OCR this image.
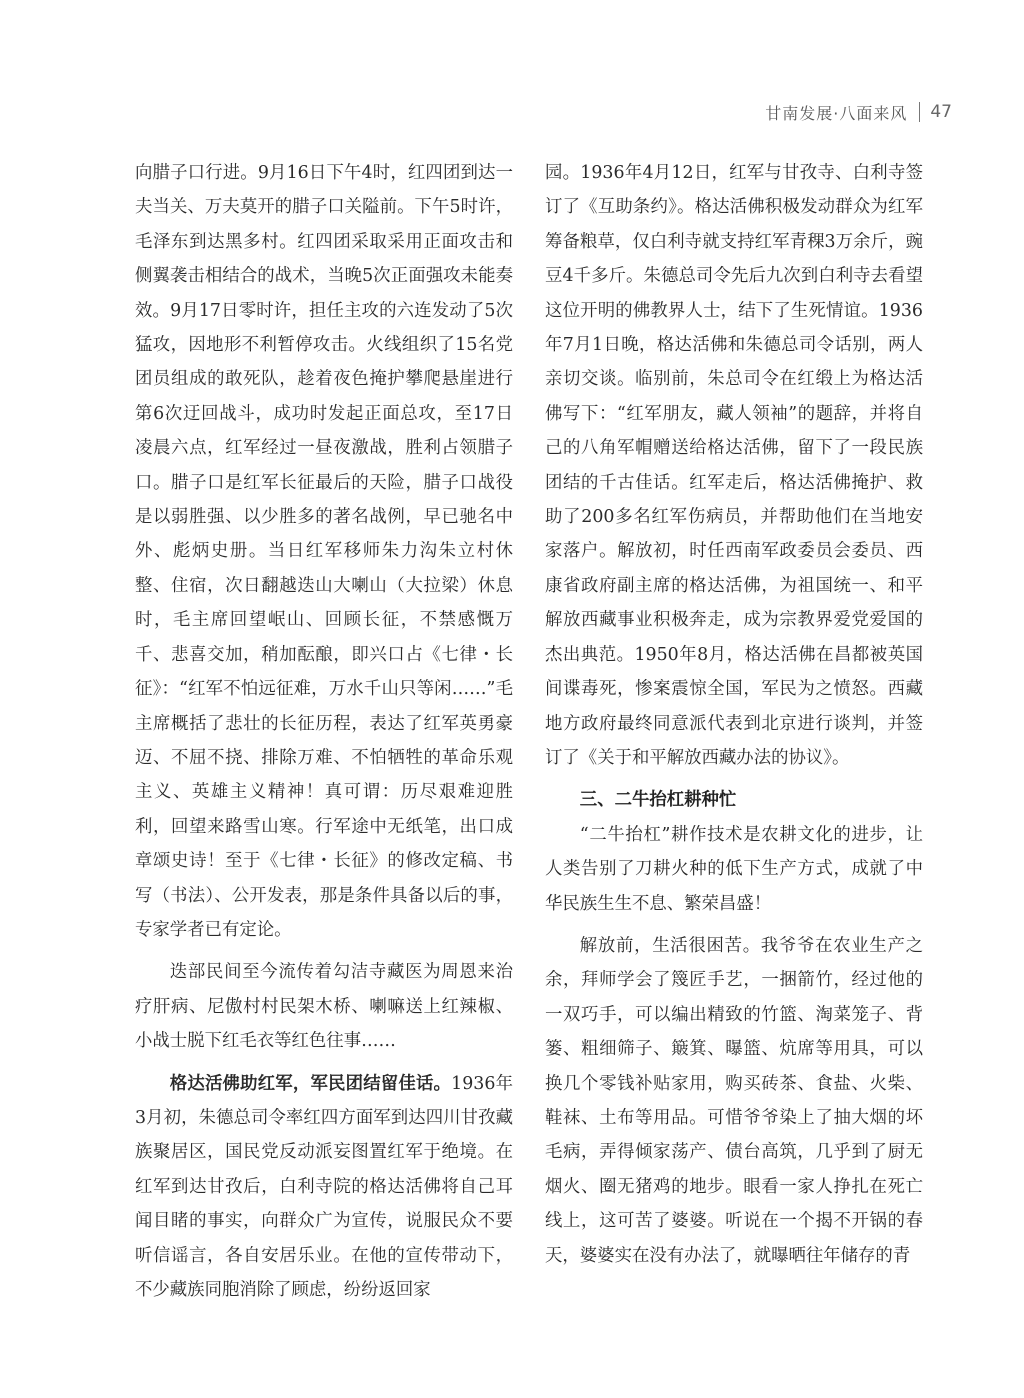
甘南发展·八面来风 47

向腊子口行进。9月16日下午4时，红四团到达一夫当关、万夫莫开的腊子口关隘前。下午5时许，毛泽东到达黑多村。红四团采取采用正面攻击和侧翼袭击相结合的战术，当晚5次正面强攻未能奏效。9月17日零时许，担任主攻的六连发动了5次猛攻，因地形不利暂停攻击。火线组织了15名党团员组成的敢死队，趁着夜色掩护攀爬悬崖进行第6次迂回战斗，成功时发起正面总攻，至17日凌晨六点，红军经过一昼夜激战，胜利占领腊子口。腊子口是红军长征最后的天险，腊子口战役是以弱胜强、以少胜多的著名战例，早已驰名中外、彪炳史册。当日红军移师朱力沟朱立村休整、住宿，次日翻越迭山大喇山（大拉梁）休息时，毛主席回望岷山、回顾长征，不禁感慨万千、悲喜交加，稍加酝酿，即兴口占《七律・长征》：“红军不怕远征难，万水千山只等闲……”毛主席概括了悲壮的长征历程，表达了红军英勇豪迈、不屈不挠、排除万难、不怕牺牲的革命乐观主义、英雄主义精神！真可谓：历尽艰难迎胜利，回望来路雪山寒。行军途中无纸笔，出口成章颂史诗！至于《七律・长征》的修改定稿、书写（书法）、公开发表，那是条件具备以后的事，专家学者已有定论。

迭部民间至今流传着勾洁寺藏医为周恩来治疗肝病、尼傲村村民架木桥、喇嘛送上红辣椒、小战士脱下红毛衣等红色往事……

格达活佛助红军，军民团结留佳话。1936年3月初，朱德总司令率红四方面军到达四川甘孜藏族聚居区，国民党反动派妄图置红军于绝境。在红军到达甘孜后，白利寺院的格达活佛将自己耳闻目睹的事实，向群众广为宣传，说服民众不要听信谣言，各自安居乐业。在他的宣传带动下，不少藏族同胞消除了顾虑，纷纷返回家

园。1936年4月12日，红军与甘孜寺、白利寺签订了《互助条约》。格达活佛积极发动群众为红军筹备粮草，仅白利寺就支持红军青稞3万余斤，豌豆4千多斤。朱德总司令先后九次到白利寺去看望这位开明的佛教界人士，结下了生死情谊。1936年7月1日晚，格达活佛和朱德总司令话别，两人亲切交谈。临别前，朱总司令在红缎上为格达活佛写下：“红军朋友，藏人领袖”的题辞，并将自己的八角军帽赠送给格达活佛，留下了一段民族团结的千古佳话。红军走后，格达活佛掩护、救助了200多名红军伤病员，并帮助他们在当地安家落户。解放初，时任西南军政委员会委员、西康省政府副主席的格达活佛，为祖国统一、和平解放西藏事业积极奔走，成为宗教界爱党爱国的杰出典范。1950年8月，格达活佛在昌都被英国间谍毒死，惨案震惊全国，军民为之愤怒。西藏地方政府最终同意派代表到北京进行谈判，并签订了《关于和平解放西藏办法的协议》。

三、二牛抬杠耕种忙

“二牛抬杠”耕作技术是农耕文化的进步，让人类告别了刀耕火种的低下生产方式，成就了中华民族生生不息、繁荣昌盛！

解放前，生活很困苦。我爷爷在农业生产之余，拜师学会了篾匠手艺，一捆箭竹，经过他的一双巧手，可以编出精致的竹篮、淘菜笼子、背篓、粗细筛子、簸箕、曝篮、炕席等用具，可以换几个零钱补贴家用，购买砖茶、食盐、火柴、鞋袜、土布等用品。可惜爷爷染上了抽大烟的坏毛病，弄得倾家荡产、债台高筑，几乎到了厨无烟火、圈无猪鸡的地步。眼看一家人挣扎在死亡线上，这可苦了婆婆。听说在一个揭不开锅的春天，婆婆实在没有办法了，就曝晒往年储存的青
